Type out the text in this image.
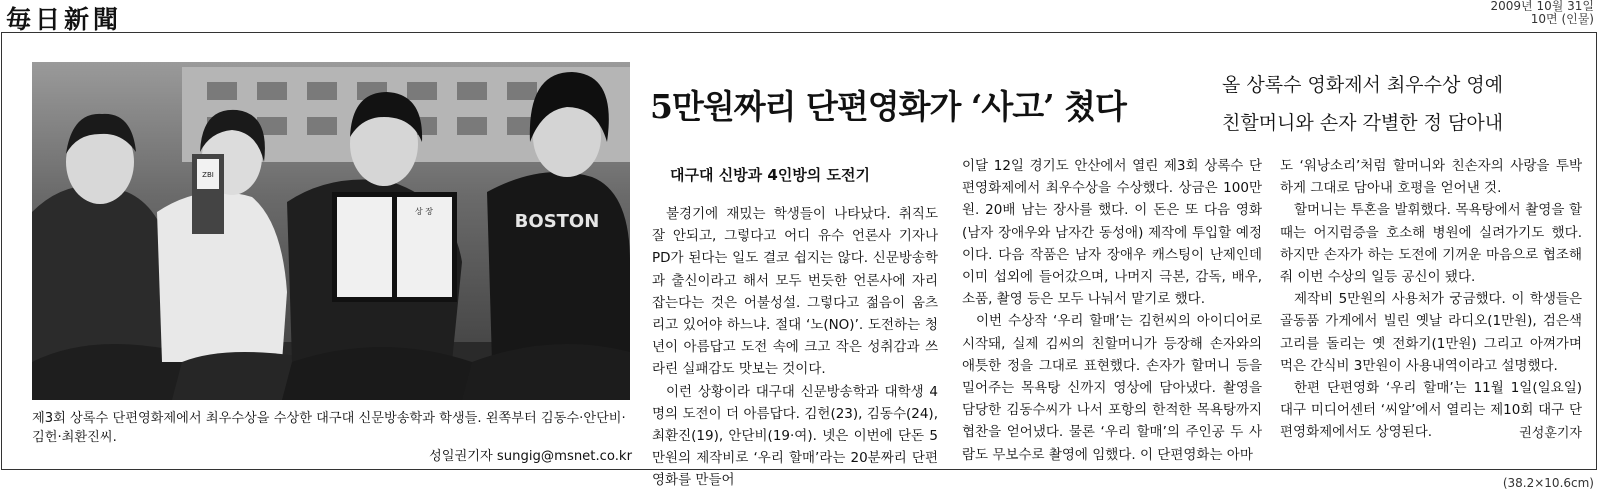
毎日新聞	2009년 10월 31일
10면 (인물)
ZBI
상 장	BOSTON
제3회 상록수 단편영화제에서 최우수상을 수상한 대구대 신문방송학과 학생들. 왼쪽부터 김동수·안단비·김헌·최환진씨.
성일권기자 sungig@msnet.co.kr
5만원짜리 단편영화가 ‘사고’ 쳤다
올 상록수 영화제서 최우수상 영예
친할머니와 손자 각별한 정 담아내
대구대 신방과 4인방의 도전기

불경기에 재밌는 학생들이 나타났다. 취직도 잘 안되고, 그렇다고 어디 유수 언론사 기자나 PD가 된다는 일도 결코 쉽지는 않다. 신문방송학과 출신이라고 해서 모두 번듯한 언론사에 자리잡는다는 것은 어불성설. 그렇다고 젊음이 움츠리고 있어야 하느냐. 절대 ‘노(NO)’. 도전하는 청년이 아름답고 도전 속에 크고 작은 성취감과 쓰라린 실패감도 맛보는 것이다.

이런 상황이라 대구대 신문방송학과 대학생 4명의 도전이 더 아름답다. 김헌(23), 김동수(24), 최환진(19), 안단비(19·여). 넷은 이번에 단돈 5만원의 제작비로 ‘우리 할매’라는 20분짜리 단편영화를 만들어

이달 12일 경기도 안산에서 열린 제3회 상록수 단편영화제에서 최우수상을 수상했다. 상금은 100만원. 20배 남는 장사를 했다. 이 돈은 또 다음 영화(남자 장애우와 남자간 동성애) 제작에 투입할 예정이다. 다음 작품은 남자 장애우 캐스팅이 난제인데 이미 섭외에 들어갔으며, 나머지 극본, 감독, 배우, 소품, 촬영 등은 모두 나눠서 맡기로 했다.

이번 수상작 ‘우리 할매’는 김헌씨의 아이디어로 시작돼, 실제 김씨의 친할머니가 등장해 손자와의 애틋한 정을 그대로 표현했다. 손자가 할머니 등을 밀어주는 목욕탕 신까지 영상에 담아냈다. 촬영을 담당한 김동수씨가 나서 포항의 한적한 목욕탕까지 협찬을 얻어냈다. 물론 ‘우리 할매’의 주인공 두 사람도 무보수로 촬영에 임했다. 이 단편영화는 아마

도 ‘워낭소리’처럼 할머니와 친손자의 사랑을 투박하게 그대로 담아내 호평을 얻어낸 것.

할머니는 투혼을 발휘했다. 목욕탕에서 촬영을 할 때는 어지럼증을 호소해 병원에 실려가기도 했다. 하지만 손자가 하는 도전에 기꺼운 마음으로 협조해줘 이번 수상의 일등 공신이 됐다.

제작비 5만원의 사용처가 궁금했다. 이 학생들은 골동품 가게에서 빌린 옛날 라디오(1만원), 검은색 고리를 돌리는 옛 전화기(1만원) 그리고 아껴가며 먹은 간식비 3만원이 사용내역이라고 설명했다.

한편 단편영화 ‘우리 할매’는 11월 1일(일요일) 대구 미디어센터 ‘씨알’에서 열리는 제10회 대구 단편영화제에서도 상영된다.	권성훈기자
(38.2×10.6cm)
